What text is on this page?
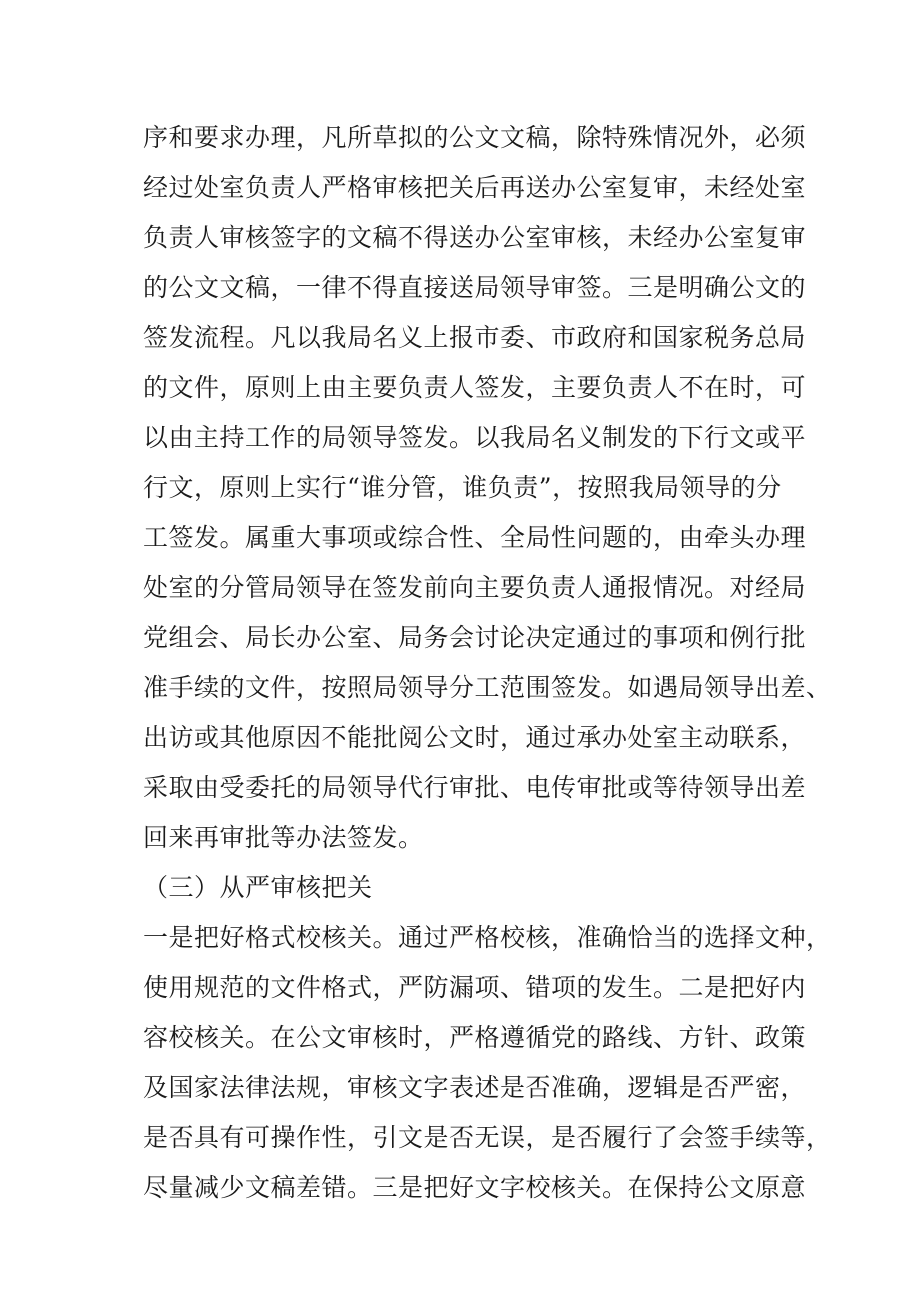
序和要求办理，凡所草拟的公文文稿，除特殊情况外，必须
经过处室负责人严格审核把关后再送办公室复审，未经处室
负责人审核签字的文稿不得送办公室审核，未经办公室复审
的公文文稿，一律不得直接送局领导审签。三是明确公文的
签发流程。凡以我局名义上报市委、市政府和国家税务总局
的文件，原则上由主要负责人签发，主要负责人不在时，可
以由主持工作的局领导签发。以我局名义制发的下行文或平
行文，原则上实行“谁分管，谁负责”，按照我局领导的分
工签发。属重大事项或综合性、全局性问题的，由牵头办理
处室的分管局领导在签发前向主要负责人通报情况。对经局
党组会、局长办公室、局务会讨论决定通过的事项和例行批
准手续的文件，按照局领导分工范围签发。如遇局领导出差、
出访或其他原因不能批阅公文时，通过承办处室主动联系，
采取由受委托的局领导代行审批、电传审批或等待领导出差
回来再审批等办法签发。
（三）从严审核把关
一是把好格式校核关。通过严格校核，准确恰当的选择文种，
使用规范的文件格式，严防漏项、错项的发生。二是把好内
容校核关。在公文审核时，严格遵循党的路线、方针、政策
及国家法律法规，审核文字表述是否准确，逻辑是否严密，
是否具有可操作性，引文是否无误，是否履行了会签手续等，
尽量减少文稿差错。三是把好文字校核关。在保持公文原意
